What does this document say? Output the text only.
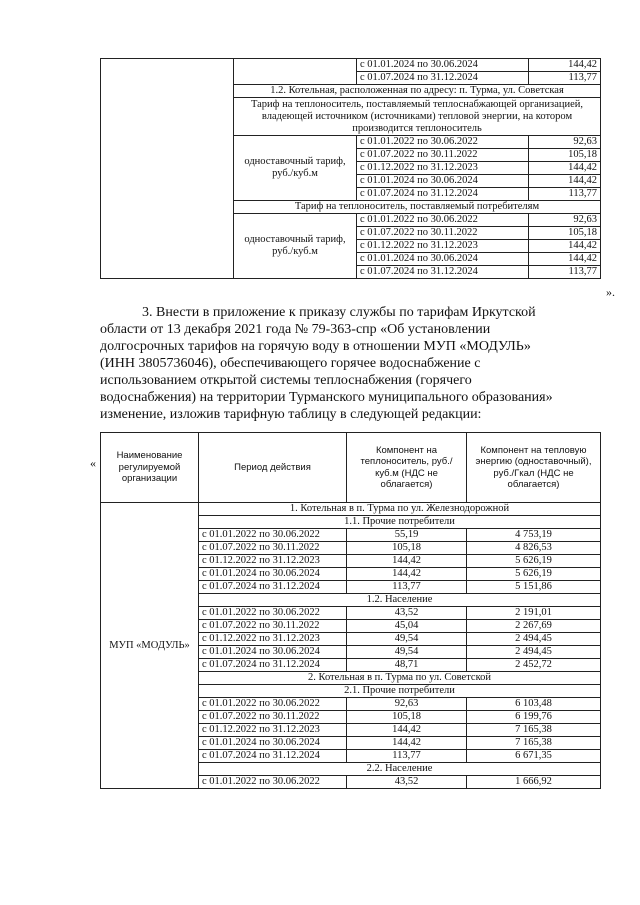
		с 01.01.2024 по 30.06.2024	144,42
		с 01.07.2024 по 31.12.2024	113,77
	1.2. Котельная, расположенная по адресу: п. Турма, ул. Советская		
	Тариф на теплоноситель, поставляемый теплоснабжающей организацией, владеющей источником (источниками) тепловой энергии, на котором производится теплоноситель		
	одноставочный тариф, руб./куб.м	с 01.01.2022 по 30.06.2022	92,63
		с 01.07.2022 по 30.11.2022	105,18
		с 01.12.2022 по 31.12.2023	144,42
		с 01.01.2024 по 30.06.2024	144,42
		с 01.07.2024 по 31.12.2024	113,77
	Тариф на теплоноситель, поставляемый потребителям		
	одноставочный тариф, руб./куб.м	с 01.01.2022 по 30.06.2022	92,63
		с 01.07.2022 по 30.11.2022	105,18
		с 01.12.2022 по 31.12.2023	144,42
		с 01.01.2024 по 30.06.2024	144,42
		с 01.07.2024 по 31.12.2024	113,77
».
3. Внести в приложение к приказу службы по тарифам Иркутской
области от 13 декабря 2021 года № 79-363-спр «Об установлении
долгосрочных тарифов на горячую воду в отношении МУП «МОДУЛЬ»
(ИНН 3805736046), обеспечивающего горячее водоснабжение с
использованием открытой системы теплоснабжения (горячего
водоснабжения) на территории Турманского муниципального образования»
изменение, изложив тарифную таблицу в следующей редакции:
«
Наименование регулируемой организации	Период действия	Компонент на теплоноситель, руб./куб.м (НДС не облагается)	Компонент на тепловую энергию (одноставочный), руб./Гкал (НДС не облагается)
МУП «МОДУЛЬ»	1. Котельная в п. Турма по ул. Железнодорожной		
	1.1. Прочие потребители		
	с 01.01.2022 по 30.06.2022	55,19	4 753,19
	с 01.07.2022 по 30.11.2022	105,18	4 826,53
	с 01.12.2022 по 31.12.2023	144,42	5 626,19
	с 01.01.2024 по 30.06.2024	144,42	5 626,19
	с 01.07.2024 по 31.12.2024	113,77	5 151,86
	1.2. Население		
	с 01.01.2022 по 30.06.2022	43,52	2 191,01
	с 01.07.2022 по 30.11.2022	45,04	2 267,69
	с 01.12.2022 по 31.12.2023	49,54	2 494,45
	с 01.01.2024 по 30.06.2024	49,54	2 494,45
	с 01.07.2024 по 31.12.2024	48,71	2 452,72
	2. Котельная в п. Турма по ул. Советской		
	2.1. Прочие потребители		
	с 01.01.2022 по 30.06.2022	92,63	6 103,48
	с 01.07.2022 по 30.11.2022	105,18	6 199,76
	с 01.12.2022 по 31.12.2023	144,42	7 165,38
	с 01.01.2024 по 30.06.2024	144,42	7 165,38
	с 01.07.2024 по 31.12.2024	113,77	6 671,35
	2.2. Население		
	с 01.01.2022 по 30.06.2022	43,52	1 666,92
